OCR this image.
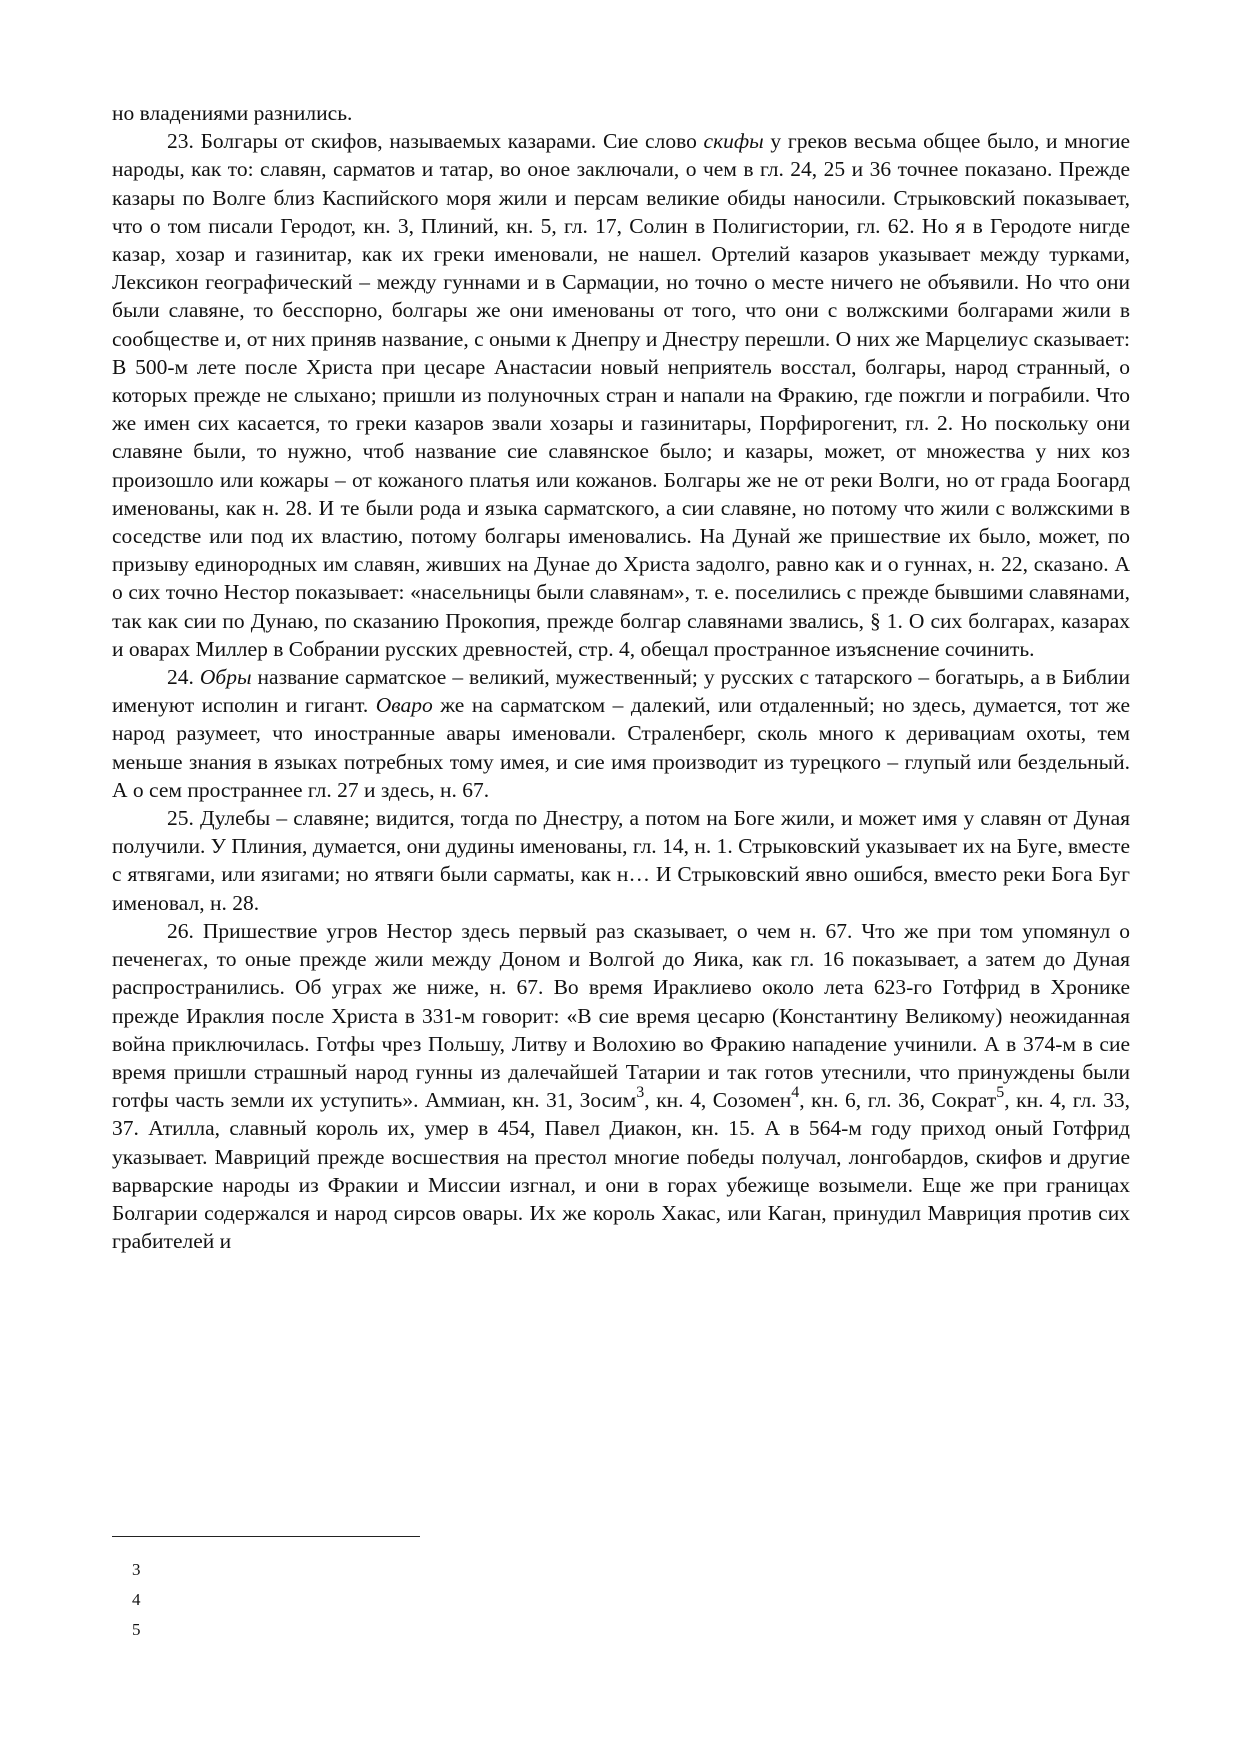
но владениями разнились.

23. Болгары от скифов, называемых казарами. Сие слово скифы у греков весьма общее было, и многие народы, как то: славян, сарматов и татар, во оное заключали, о чем в гл. 24, 25 и 36 точнее показано. Прежде казары по Волге близ Каспийского моря жили и персам великие обиды наносили. Стрыковский показывает, что о том писали Геродот, кн. 3, Плиний, кн. 5, гл. 17, Солин в Полигистории, гл. 62. Но я в Геродоте нигде казар, хозар и газинитар, как их греки именовали, не нашел. Ортелий казаров указывает между турками, Лексикон географический – между гуннами и в Сармации, но точно о месте ничего не объявили. Но что они были славяне, то бесспорно, болгары же они именованы от того, что они с волжскими болгарами жили в сообществе и, от них приняв название, с оными к Днепру и Днестру перешли. О них же Марцелиус сказывает: В 500-м лете после Христа при цесаре Анастасии новый неприятель восстал, болгары, народ странный, о которых прежде не слыхано; пришли из полуночных стран и напали на Фракию, где пожгли и пограбили. Что же имен сих касается, то греки казаров звали хозары и газинитары, Порфирогенит, гл. 2. Но поскольку они славяне были, то нужно, чтоб название сие славянское было; и казары, может, от множества у них коз произошло или кожары – от кожаного платья или кожанов. Болгары же не от реки Волги, но от града Боогард именованы, как н. 28. И те были рода и языка сарматского, а сии славяне, но потому что жили с волжскими в соседстве или под их властию, потому болгары именовались. На Дунай же пришествие их было, может, по призыву единородных им славян, живших на Дунае до Христа задолго, равно как и о гуннах, н. 22, сказано. А о сих точно Нестор показывает: «насельницы были славянам», т. е. поселились с прежде бывшими славянами, так как сии по Дунаю, по сказанию Прокопия, прежде болгар славянами звались, § 1. О сих болгарах, казарах и оварах Миллер в Собрании русских древностей, стр. 4, обещал пространное изъяснение сочинить.

24. Обры название сарматское – великий, мужественный; у русских с татарского – богатырь, а в Библии именуют исполин и гигант. Оваро же на сарматском – далекий, или отдаленный; но здесь, думается, тот же народ разумеет, что иностранные авары именовали. Страленберг, сколь много к деривациам охоты, тем меньше знания в языках потребных тому имея, и сие имя производит из турецкого – глупый или бездельный. А о сем пространнее гл. 27 и здесь, н. 67.

25. Дулебы – славяне; видится, тогда по Днестру, а потом на Боге жили, и может имя у славян от Дуная получили. У Плиния, думается, они дудины именованы, гл. 14, н. 1. Стрыковский указывает их на Буге, вместе с ятвягами, или язигами; но ятвяги были сарматы, как н… И Стрыковский явно ошибся, вместо реки Бога Буг именовал, н. 28.

26. Пришествие угров Нестор здесь первый раз сказывает, о чем н. 67. Что же при том упомянул о печенегах, то оные прежде жили между Доном и Волгой до Яика, как гл. 16 показывает, а затем до Дуная распространились. Об уграх же ниже, н. 67. Во время Ираклиево около лета 623-го Готфрид в Хронике прежде Ираклия после Христа в 331-м говорит: «В сие время цесарю (Константину Великому) неожиданная война приключилась. Готфы чрез Польшу, Литву и Волохию во Фракию нападение учинили. А в 374-м в сие время пришли страшный народ гунны из далечайшей Татарии и так готов утеснили, что принуждены были готфы часть земли их уступить». Аммиан, кн. 31, Зосим$^3$, кн. 4, Созомен$^4$, кн. 6, гл. 36, Сократ$^5$, кн. 4, гл. 33, 37. Атилла, славный король их, умер в 454, Павел Диакон, кн. 15. А в 564-м году приход оный Готфрид указывает. Мавриций прежде восшествия на престол многие победы получал, лонгобардов, скифов и другие варварские народы из Фракии и Миссии изгнал, и они в горах убежище возымели. Еще же при границах Болгарии содержался и народ сирсов овары. Их же король Хакас, или Каган, принудил Мавриция против сих грабителей и

3
4
5
